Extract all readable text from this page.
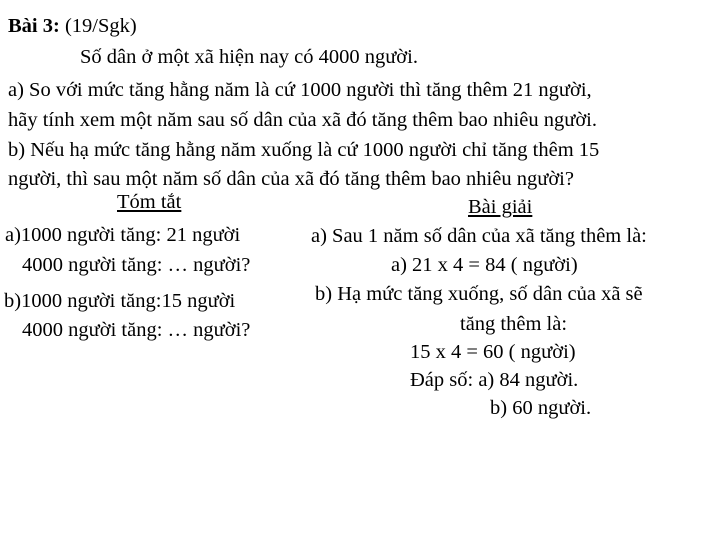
Bài 3: (19/Sgk)
Số dân ở một xã hiện nay có 4000 người.
a) So với mức tăng hằng năm là cứ 1000 người thì tăng thêm 21 người,
hãy tính xem một năm sau số dân của xã đó tăng thêm bao nhiêu người.
b) Nếu hạ mức tăng hằng năm xuống là cứ 1000 người chỉ tăng thêm 15
người, thì sau một năm số dân của xã đó tăng thêm bao nhiêu người?
Tóm tắt
a)1000 người tăng: 21 người
4000 người tăng: … người?
b)1000 người tăng:15 người
4000 người tăng: … người?
Bài giải
a) Sau 1 năm số dân của xã tăng thêm là:
a) 21 x 4 = 84 ( người)
b) Hạ mức tăng xuống, số dân của xã sẽ
tăng thêm là:
15 x 4 = 60 ( người)
Đáp số: a) 84 người.
b) 60 người.
